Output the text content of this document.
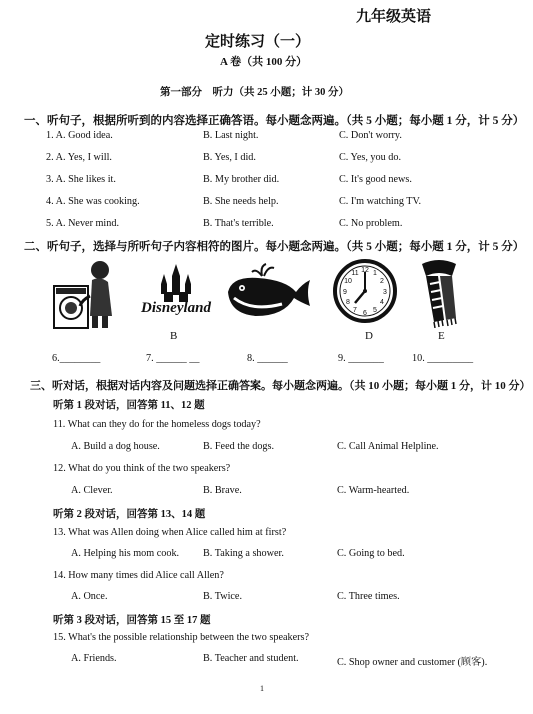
九年级英语
定时练习（一）
A 卷（共 100 分）
第一部分　听力（共 25 小题；计 30 分）
一、听句子，根据所听到的内容选择正确答语。每小题念两遍。（共 5 小题；每小题 1 分，计 5 分）
1. A. Good idea.	B. Last night.	C. Don't worry.
2. A. Yes, I will.	B. Yes, I did.	C. Yes, you do.
3. A. She likes it.	B. My brother did.	C. It's good news.
4. A. She was cooking.	B. She needs help.	C. I'm watching TV.
5. A. Never mind.	B. That's terrible.	C. No problem.
二、听句子，选择与所听句子内容相符的图片。每小题念两遍。（共 5 小题；每小题 1 分，计 5 分）
Disneyland
B
12 1
2
3
4
5
6
7
8
9
10
11
D	E
6.________	7. ______ __	8. ______	9. _______	10. _________
三、听对话，根据对话内容及问题选择正确答案。每小题念两遍。（共 10 小题；每小题 1 分，计 10 分）
听第 1 段对话，回答第 11、12 题
11. What can they do for the homeless dogs today?
A. Build a dog house.	B. Feed the dogs.	C. Call Animal Helpline.
12. What do you think of the two speakers?
A. Clever.	B. Brave.	C. Warm-hearted.
听第 2 段对话，回答第 13、14 题
13. What was Allen doing when Alice called him at first?
A. Helping his mom cook. B. Taking a shower.	C. Going to bed.
14. How many times did Alice call Allen?
A. Once.	B. Twice.	C. Three times.
听第 3 段对话，回答第 15 至 17 题
15. What's the possible relationship between the two speakers?
A. Friends.	B. Teacher and student.	C. Shop owner and customer (顾客).
1
